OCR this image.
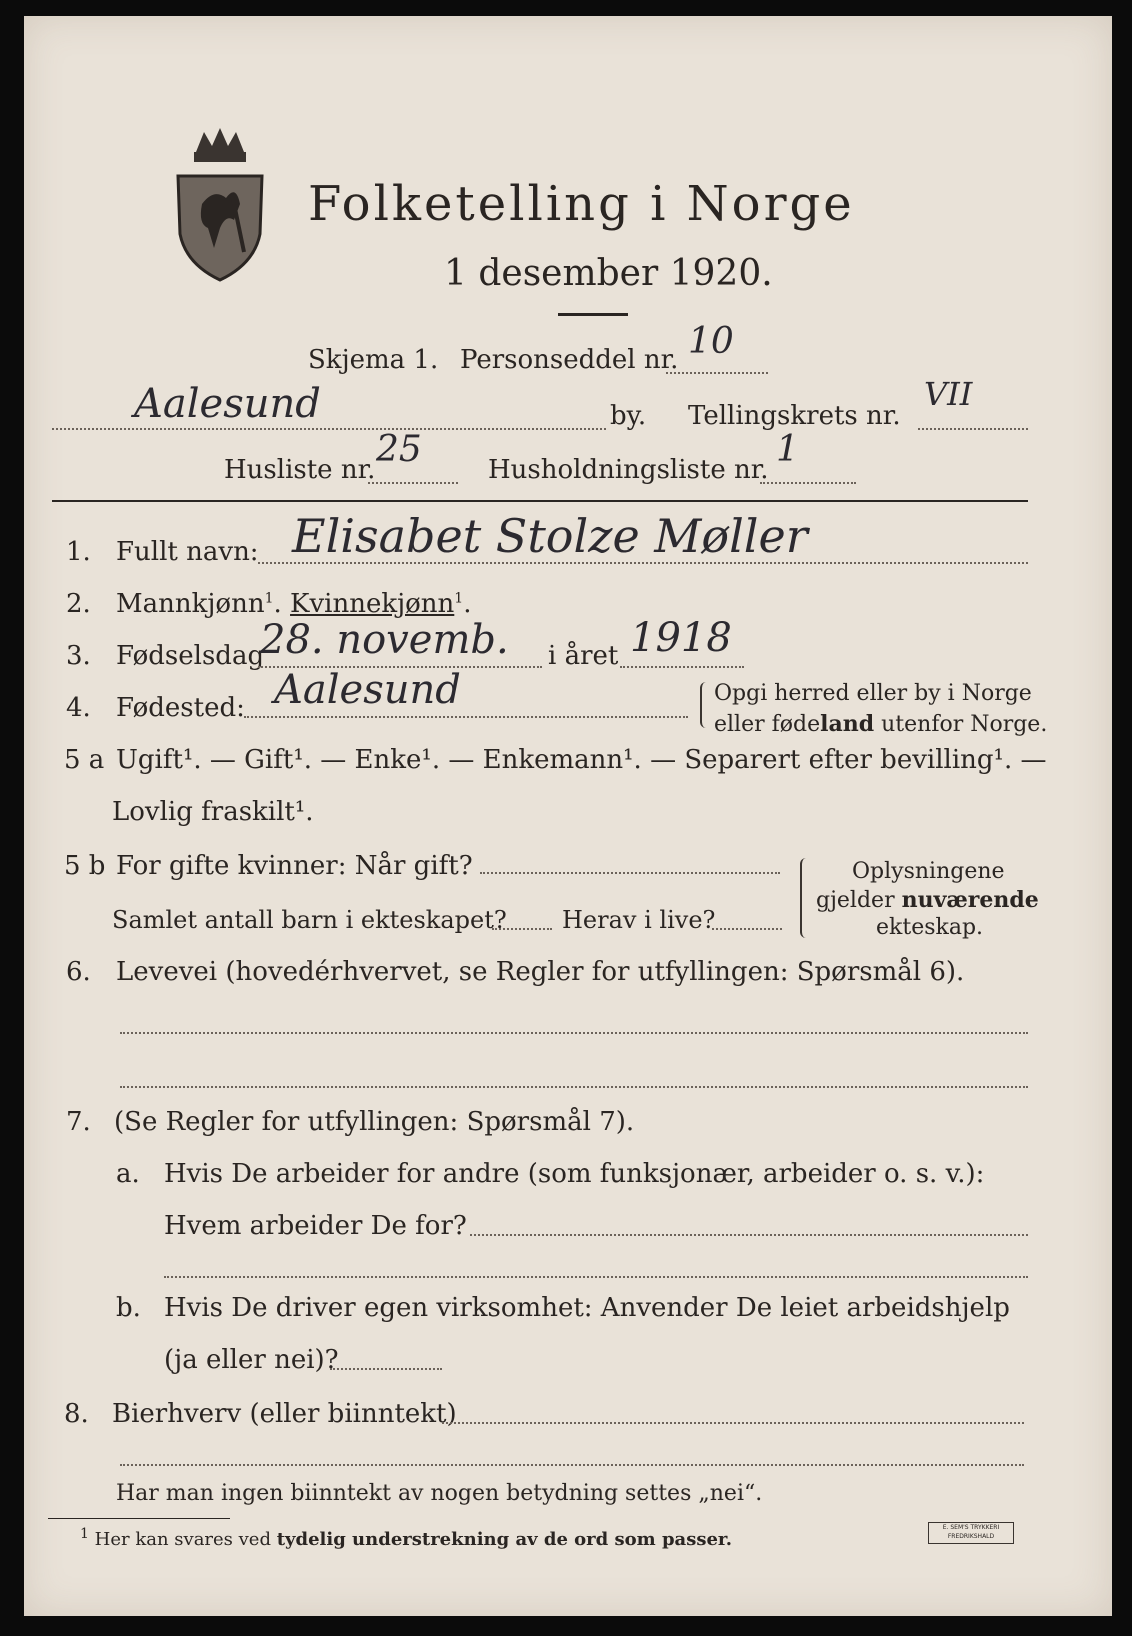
Folketelling i Norge
1 desember 1920.
Skjema 1. Personseddel nr. 10
Aalesund	by. Tellingskrets nr.
VII
Husliste nr. 25	Husholdningsliste nr. 1
1. Fullt navn: Elisabet Stolze Møller
2. Mannkjønn$^1$. Kvinnekjønn$^1$.
3. Fødselsdag
28. novemb. i året 1918
4. Fødested: Aalesund	Opgi herred eller by i Norge
eller fødeland utenfor Norge.
5 a Ugift¹. — Gift¹. — Enke¹. — Enkemann¹. — Separert efter bevilling¹. —
Lovlig fraskilt¹.
5 b For gifte kvinner: Når gift?
Samlet antall barn i ekteskapet? Herav i live?
Oplysningene
gjelder nuværende
ekteskap.
6. Levevei (hovedérhvervet, se Regler for utfyllingen: Spørsmål 6).
7. (Se Regler for utfyllingen: Spørsmål 7).
a. Hvis De arbeider for andre (som funksjonær, arbeider o. s. v.):
Hvem arbeider De for?
b. Hvis De driver egen virksomhet: Anvender De leiet arbeidshjelp
(ja eller nei)?
8. Bierhverv (eller biinntekt)
Har man ingen biinntekt av nogen betydning settes „nei“.
$^1$ Her kan svares ved tydelig understrekning av de ord som passer.
E. SEM'S TRYKKERI FREDRIKSHALD
